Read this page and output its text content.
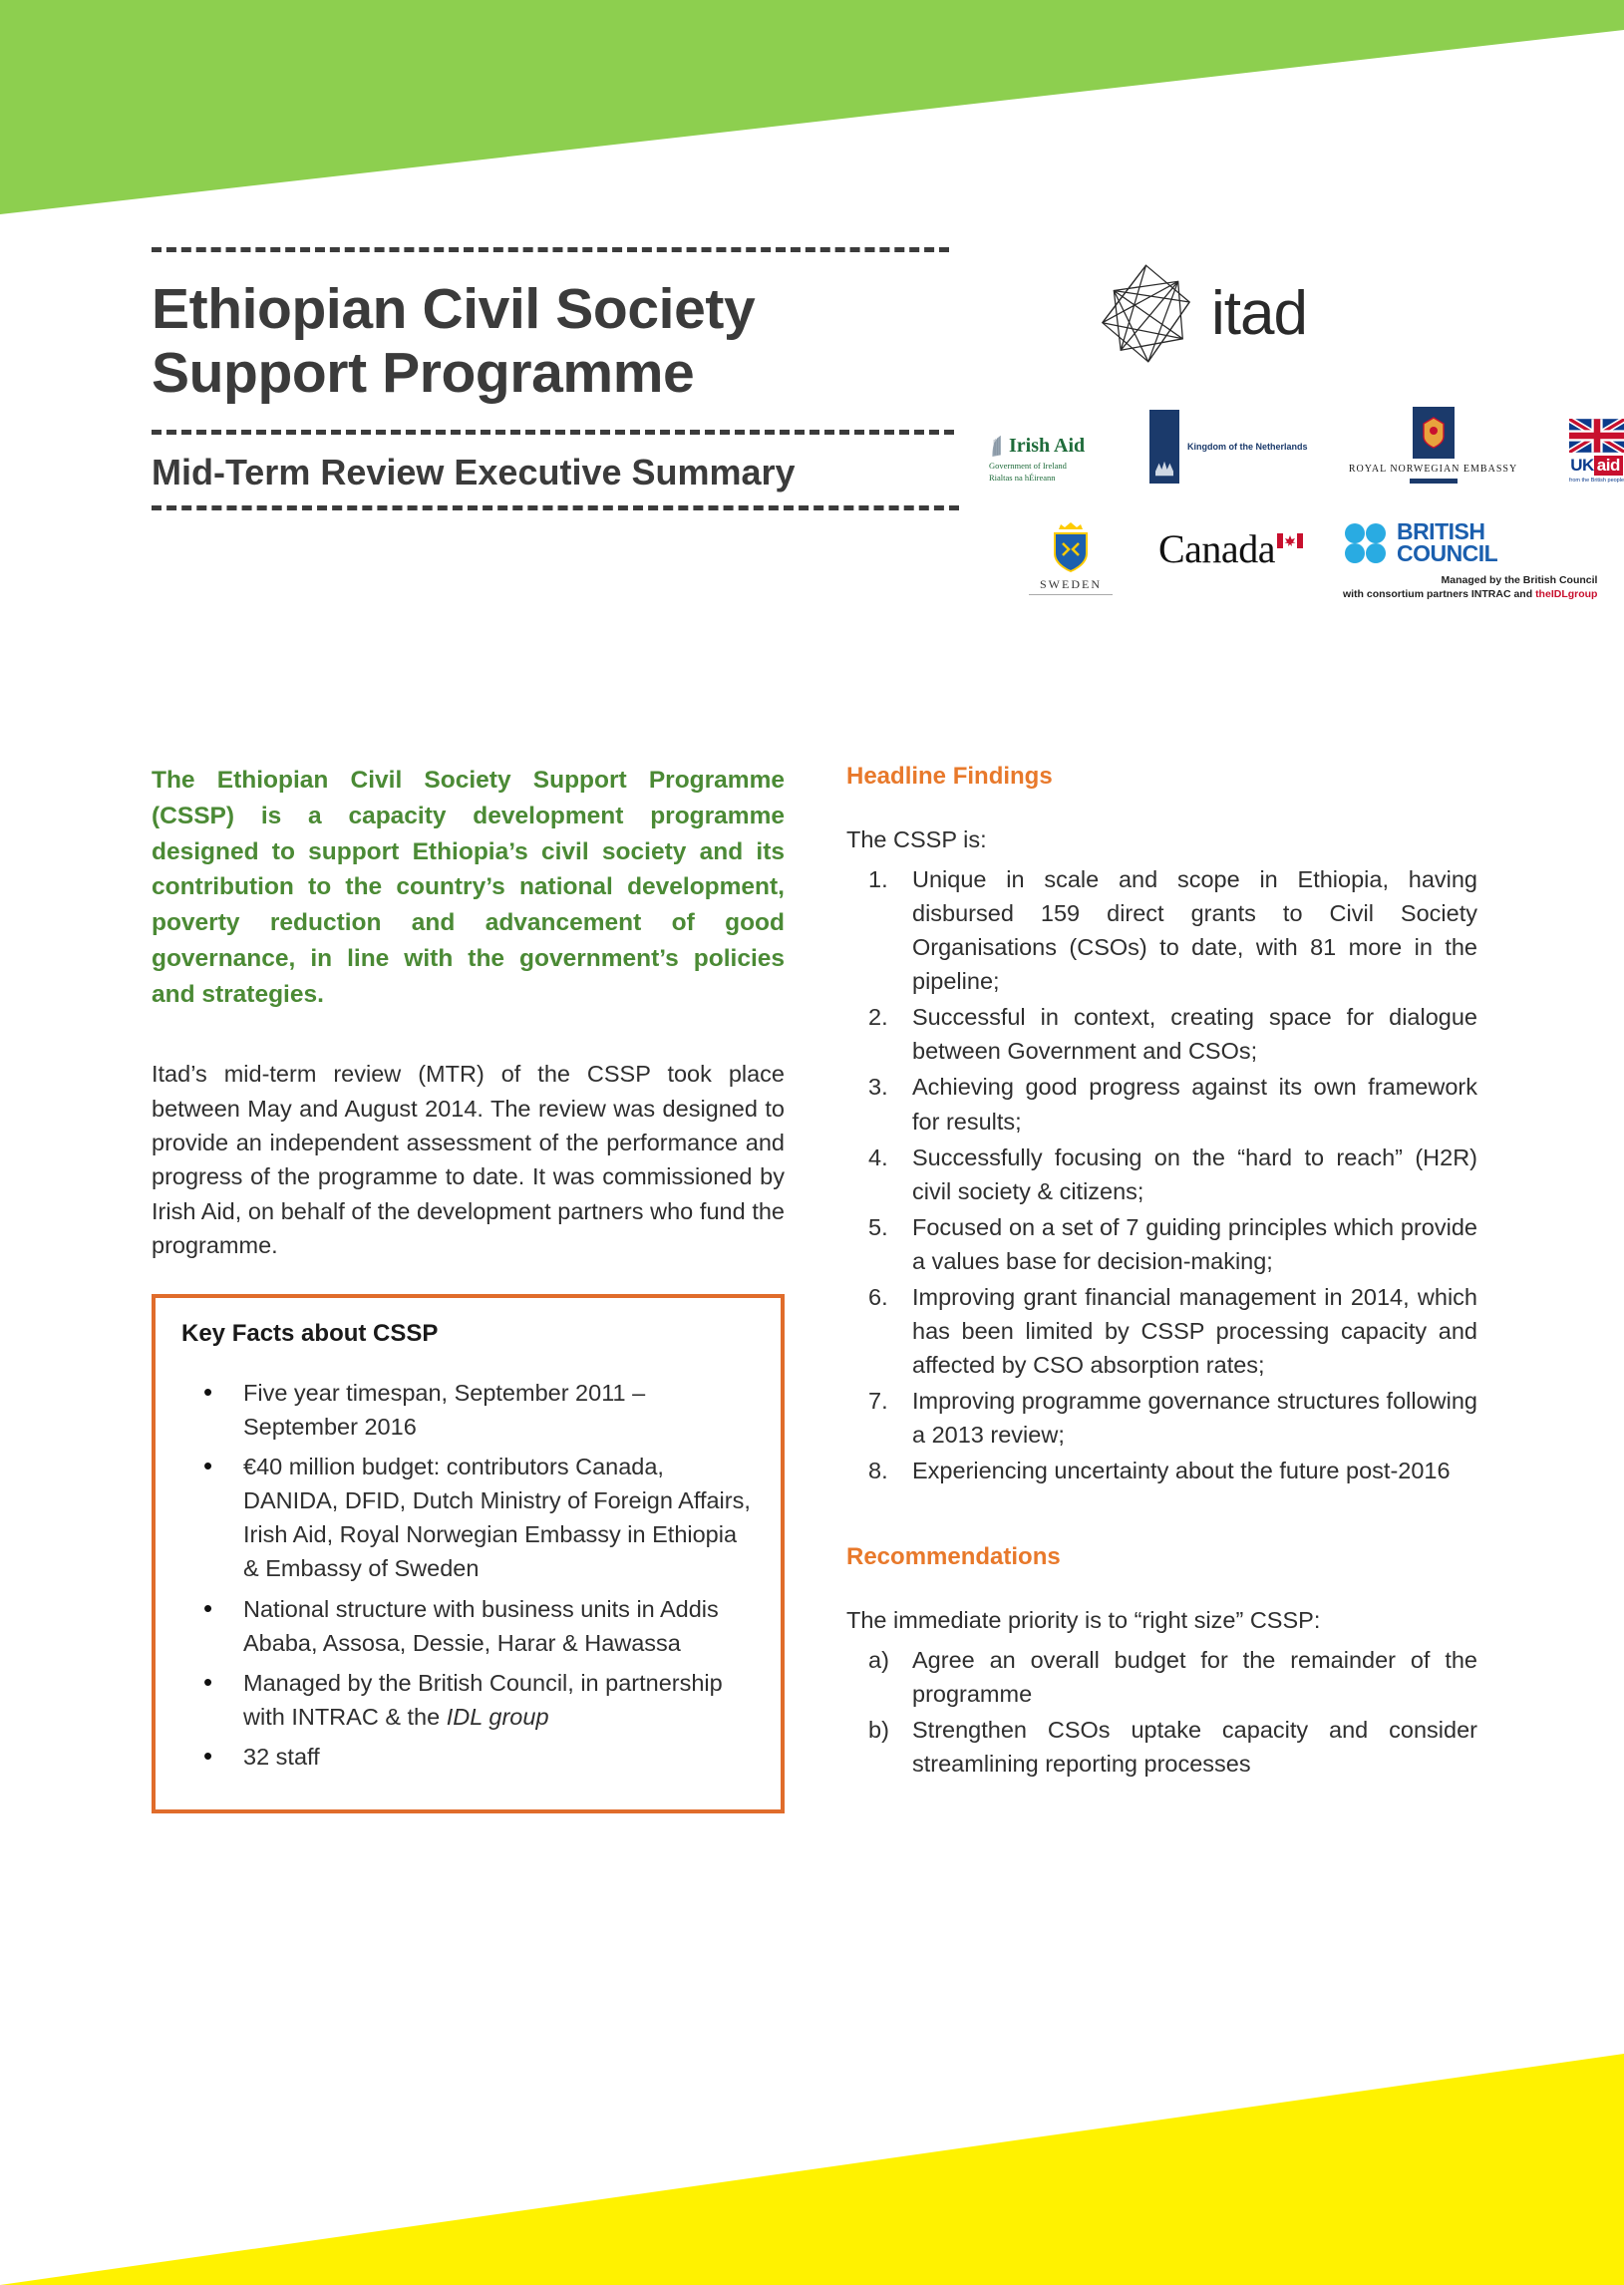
Ethiopian Civil Society Support Programme
Mid-Term Review Executive Summary
itad
Irish Aid
Government of Ireland
Rialtas na hÉireann
Kingdom of the Netherlands
ROYAL NORWEGIAN EMBASSY	UK aid
from the British people
SWEDEN
Canada	BRITISH
COUNCIL
Managed by the British Council
with consortium partners INTRAC and theIDLgroup

The Ethiopian Civil Society Support Programme (CSSP) is a capacity development programme designed to support Ethiopia’s civil society and its contribution to the country’s national development, poverty reduction and advancement of good governance, in line with the government’s policies and strategies.

Itad’s mid-term review (MTR) of the CSSP took place between May and August 2014. The review was designed to provide an independent assessment of the performance and progress of the programme to date. It was commissioned by Irish Aid, on behalf of the development partners who fund the programme.

Key Facts about CSSP
• Five year timespan, September 2011 – September 2016
• €40 million budget: contributors Canada, DANIDA, DFID, Dutch Ministry of Foreign Affairs, Irish Aid, Royal Norwegian Embassy in Ethiopia & Embassy of Sweden
• National structure with business units in Addis Ababa, Assosa, Dessie, Harar & Hawassa
• Managed by the British Council, in partnership with INTRAC & the IDL group
• 32 staff
Headline Findings

The CSSP is:

1.	Unique in scale and scope in Ethiopia, having disbursed 159 direct grants to Civil Society Organisations (CSOs) to date, with 81 more in the pipeline;
2.	Successful in context, creating space for dialogue between Government and CSOs;
3.	Achieving good progress against its own framework for results;
4.	Successfully focusing on the “hard to reach” (H2R) civil society & citizens;
5.	Focused on a set of 7 guiding principles which provide a values base for decision-making;
6.	Improving grant financial management in 2014, which has been limited by CSSP processing capacity and affected by CSO absorption rates;
7.	Improving programme governance structures following a 2013 review;
8.	Experiencing uncertainty about the future post-2016
Recommendations

The immediate priority is to “right size” CSSP:

a) Agree an overall budget for the remainder of the programme
b) Strengthen CSOs uptake capacity and consider streamlining reporting processes
